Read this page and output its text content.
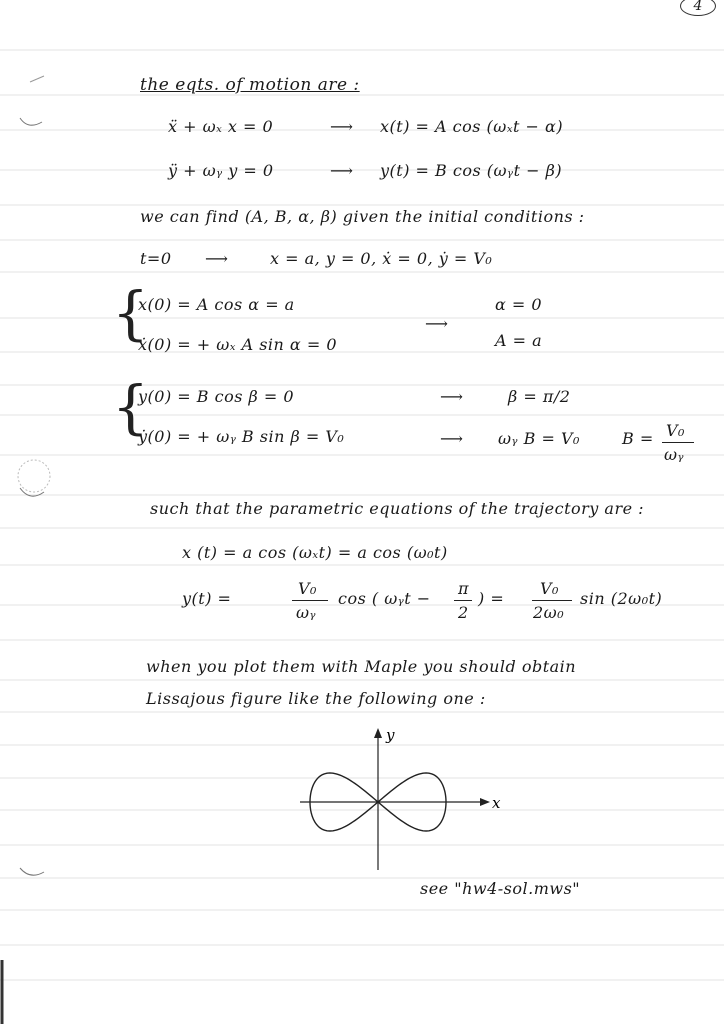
4
the eqts. of motion are :
ẍ + ωₓ x = 0	⟶ x(t) = A cos (ωₓt − α)
ÿ + ωᵧ y = 0	⟶ y(t) = B cos (ωᵧt − β)
we can find (A, B, α, β) given the initial conditions :
t=0 ⟶	x = a, y = 0, ẋ = 0, ẏ = V₀
{
x(0) = A cos α = a
ẋ(0) = + ωₓ A sin α = 0
⟶
α = 0
A = a
{
y(0) = B cos β = 0	⟶	β = π/2
ẏ(0) = + ωᵧ B sin β = V₀	⟶ ωᵧ B = V₀	B = V₀
ωᵧ
such that the parametric equations of the trajectory are :
x (t) = a cos (ωₓt) = a cos (ω₀t)
y(t) =
V₀
ωᵧ
cos ( ωᵧt −
π
2
) =
V₀
2ω₀
sin (2ω₀t)
when you plot them with Maple you should obtain
Lissajous figure like the following one :
x
y
see "hw4-sol.mws"
